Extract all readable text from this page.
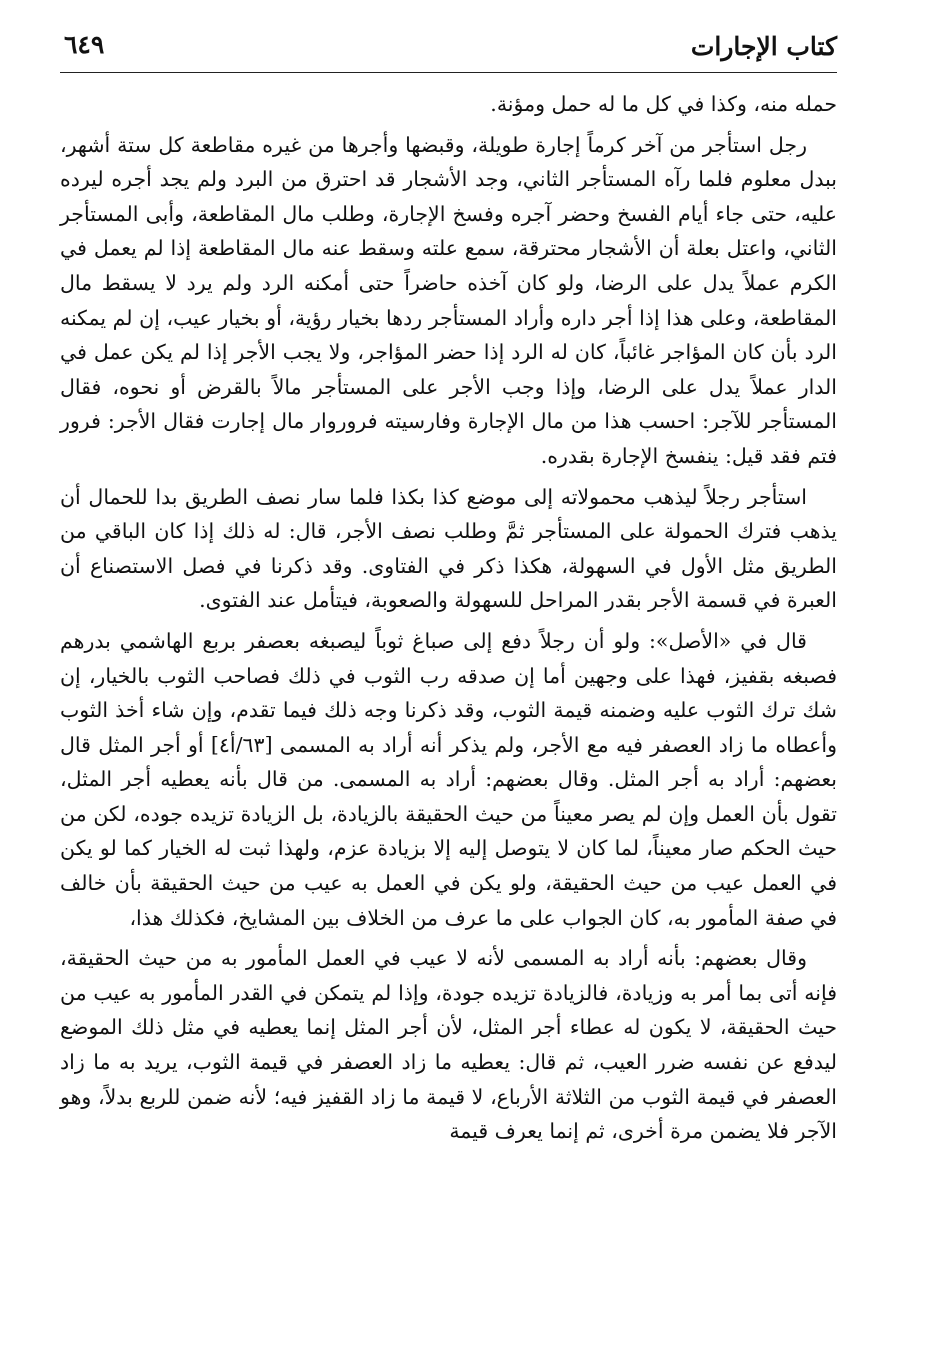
كتاب الإجارات
٦٤٩

حمله منه، وكذا في كل ما له حمل ومؤنة.

رجل استأجر من آخر كرماً إجارة طويلة، وقبضها وأجرها من غيره مقاطعة كل ستة أشهر، ببدل معلوم فلما رآه المستأجر الثاني، وجد الأشجار قد احترق من البرد ولم يجد أجره ليرده عليه، حتى جاء أيام الفسخ وحضر آجره وفسخ الإجارة، وطلب مال المقاطعة، وأبى المستأجر الثاني، واعتل بعلة أن الأشجار محترقة، سمع علته وسقط عنه مال المقاطعة إذا لم يعمل في الكرم عملاً يدل على الرضا، ولو كان آخذه حاضراً حتى أمكنه الرد ولم يرد لا يسقط مال المقاطعة، وعلى هذا إذا أجر داره وأراد المستأجر ردها بخيار رؤية، أو بخيار عيب، إن لم يمكنه الرد بأن كان المؤاجر غائباً، كان له الرد إذا حضر المؤاجر، ولا يجب الأجر إذا لم يكن عمل في الدار عملاً يدل على الرضا، وإذا وجب الأجر على المستأجر مالاً بالقرض أو نحوه، فقال المستأجر للآجر: احسب هذا من مال الإجارة وفارسيته فروروار مال إجارت فقال الأجر: فرور فتم فقد قيل: ينفسخ الإجارة بقدره.

استأجر رجلاً ليذهب محمولاته إلى موضع كذا بكذا فلما سار نصف الطريق بدا للحمال أن يذهب فترك الحمولة على المستأجر ثمَّ وطلب نصف الأجر، قال: له ذلك إذا كان الباقي من الطريق مثل الأول في السهولة، هكذا ذكر في الفتاوى. وقد ذكرنا في فصل الاستصناع أن العبرة في قسمة الأجر بقدر المراحل للسهولة والصعوبة، فيتأمل عند الفتوى.

قال في «الأصل»: ولو أن رجلاً دفع إلى صباغ ثوباً ليصبغه بعصفر بربع الهاشمي بدرهم فصبغه بقفيز، فهذا على وجهين أما إن صدقه رب الثوب في ذلك فصاحب الثوب بالخيار، إن شك ترك الثوب عليه وضمنه قيمة الثوب، وقد ذكرنا وجه ذلك فيما تقدم، وإن شاء أخذ الثوب وأعطاه ما زاد العصفر فيه مع الأجر، ولم يذكر أنه أراد به المسمى [٦٣/أ٤] أو أجر المثل قال بعضهم: أراد به أجر المثل. وقال بعضهم: أراد به المسمى. من قال بأنه يعطيه أجر المثل، تقول بأن العمل وإن لم يصر معيناً من حيث الحقيقة بالزيادة، بل الزيادة تزيده جوده، لكن من حيث الحكم صار معيناً، لما كان لا يتوصل إليه إلا بزيادة عزم، ولهذا ثبت له الخيار كما لو يكن في العمل عيب من حيث الحقيقة، ولو يكن في العمل به عيب من حيث الحقيقة بأن خالف في صفة المأمور به، كان الجواب على ما عرف من الخلاف بين المشايخ، فكذلك هذا،

وقال بعضهم: بأنه أراد به المسمى لأنه لا عيب في العمل المأمور به من حيث الحقيقة، فإنه أتى بما أمر به وزيادة، فالزيادة تزيده جودة، وإذا لم يتمكن في القدر المأمور به عيب من حيث الحقيقة، لا يكون له عطاء أجر المثل، لأن أجر المثل إنما يعطيه في مثل ذلك الموضع ليدفع عن نفسه ضرر العيب، ثم قال: يعطيه ما زاد العصفر في قيمة الثوب، يريد به ما زاد العصفر في قيمة الثوب من الثلاثة الأرباع، لا قيمة ما زاد القفيز فيه؛ لأنه ضمن للربع بدلاً، وهو الآجر فلا يضمن مرة أخرى، ثم إنما يعرف قيمة
